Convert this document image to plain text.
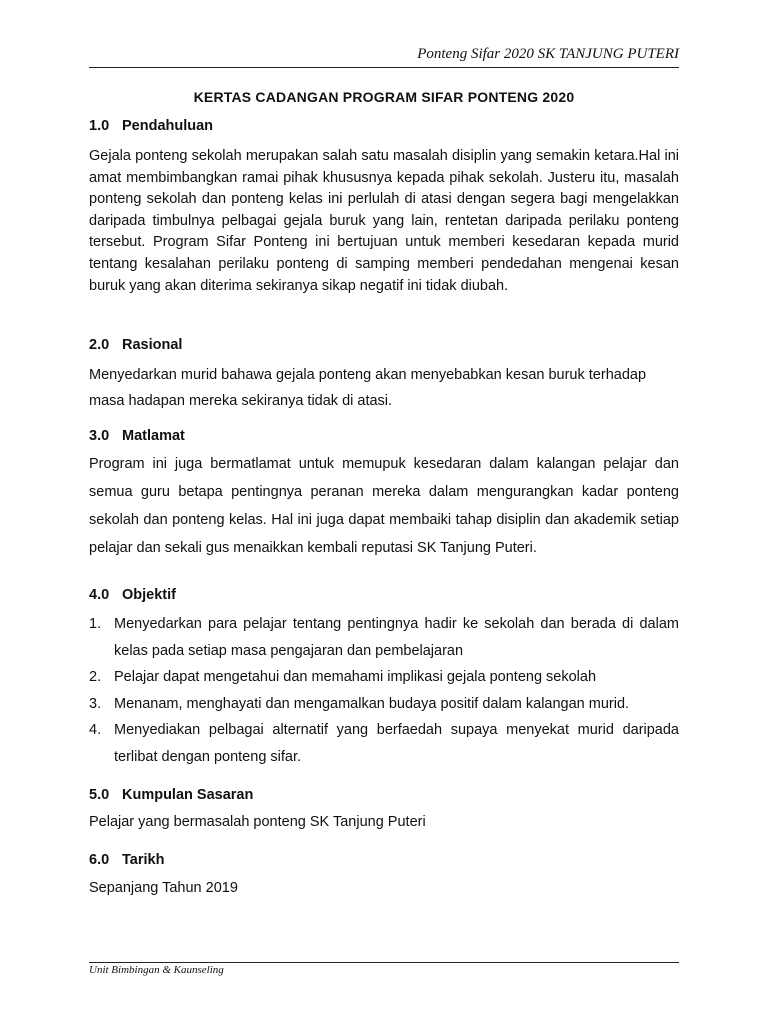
Ponteng Sifar 2020 SK TANJUNG PUTERI
KERTAS CADANGAN PROGRAM SIFAR PONTENG 2020
1.0 Pendahuluan

Gejala ponteng sekolah merupakan salah satu masalah disiplin yang semakin ketara.Hal ini amat membimbangkan ramai pihak khususnya kepada pihak sekolah. Justeru itu, masalah ponteng sekolah dan ponteng kelas ini perlulah di atasi dengan segera bagi mengelakkan daripada timbulnya pelbagai gejala buruk yang lain, rentetan daripada perilaku ponteng tersebut. Program Sifar Ponteng ini bertujuan untuk memberi kesedaran kepada murid tentang kesalahan perilaku ponteng di samping memberi pendedahan mengenai kesan buruk yang akan diterima sekiranya sikap negatif ini tidak diubah.

2.0 Rasional

Menyedarkan murid bahawa gejala ponteng akan menyebabkan kesan buruk terhadap masa hadapan mereka sekiranya tidak di atasi.

3.0 Matlamat

Program ini juga bermatlamat untuk memupuk kesedaran dalam kalangan pelajar dan semua guru betapa pentingnya peranan mereka dalam mengurangkan kadar ponteng sekolah dan ponteng kelas. Hal ini juga dapat membaiki tahap disiplin dan akademik setiap pelajar dan sekali gus menaikkan kembali reputasi SK Tanjung Puteri.

4.0 Objektif
1. Menyedarkan para pelajar tentang pentingnya hadir ke sekolah dan berada di dalam kelas pada setiap masa pengajaran dan pembelajaran
2. Pelajar dapat mengetahui dan memahami implikasi gejala ponteng sekolah
3. Menanam, menghayati dan mengamalkan budaya positif dalam kalangan murid.
4. Menyediakan pelbagai alternatif yang berfaedah supaya menyekat murid daripada terlibat dengan ponteng sifar.
5.0 Kumpulan Sasaran

Pelajar yang bermasalah ponteng SK Tanjung Puteri

6.0 Tarikh

Sepanjang Tahun 2019

Unit Bimbingan & Kaunseling
